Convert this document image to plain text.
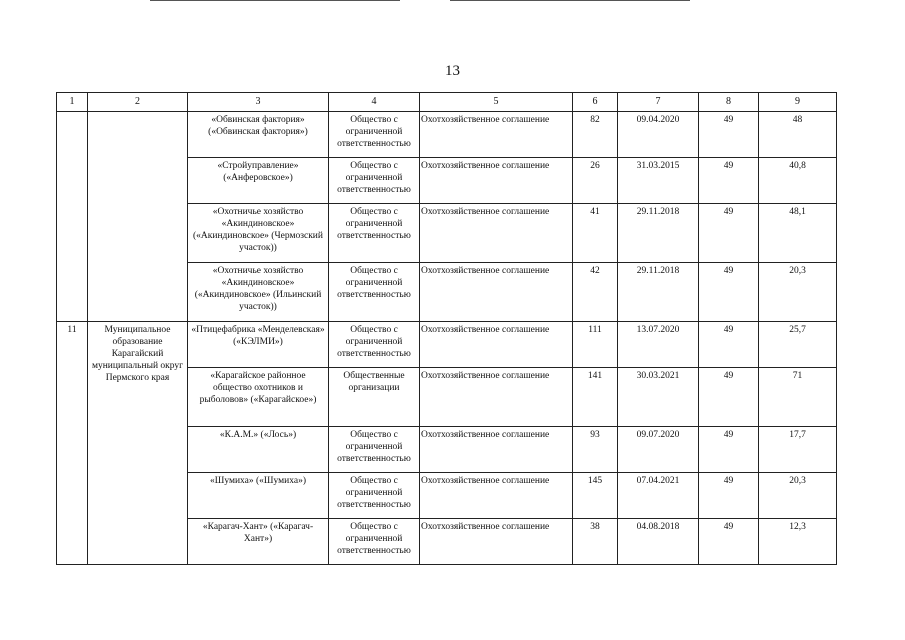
13
1	2	3	4	5	6	7	8	9
		«Обвинская фактория» («Обвинская фактория»)	Общество с ограниченной ответственностью	Охотхозяйственное соглашение	82	09.04.2020	49	48
		«Стройуправление» («Анферовское»)	Общество с ограниченной ответственностью	Охотхозяйственное соглашение	26	31.03.2015	49	40,8
		«Охотничье хозяйство «Акиндиновское» («Акиндиновское» (Чермозский участок))	Общество с ограниченной ответственностью	Охотхозяйственное соглашение	41	29.11.2018	49	48,1
		«Охотничье хозяйство «Акиндиновское» («Акиндиновское» (Ильинский участок))	Общество с ограниченной ответственностью	Охотхозяйственное соглашение	42	29.11.2018	49	20,3
11	Муниципальное образование Карагайский муниципальный округ Пермского края	«Птицефабрика «Менделевская» («КЭЛМИ»)	Общество с ограниченной ответственностью	Охотхозяйственное соглашение	111	13.07.2020	49	25,7
		«Карагайское районное общество охотников и рыболовов» («Карагайское»)	Общественные организации	Охотхозяйственное соглашение	141	30.03.2021	49	71
		«К.А.М.» («Лось»)	Общество с ограниченной ответственностью	Охотхозяйственное соглашение	93	09.07.2020	49	17,7
		«Шумиха» («Шумиха»)	Общество с ограниченной ответственностью	Охотхозяйственное соглашение	145	07.04.2021	49	20,3
		«Карагач-Хант» («Карагач-Хант»)	Общество с ограниченной ответственностью	Охотхозяйственное соглашение	38	04.08.2018	49	12,3
